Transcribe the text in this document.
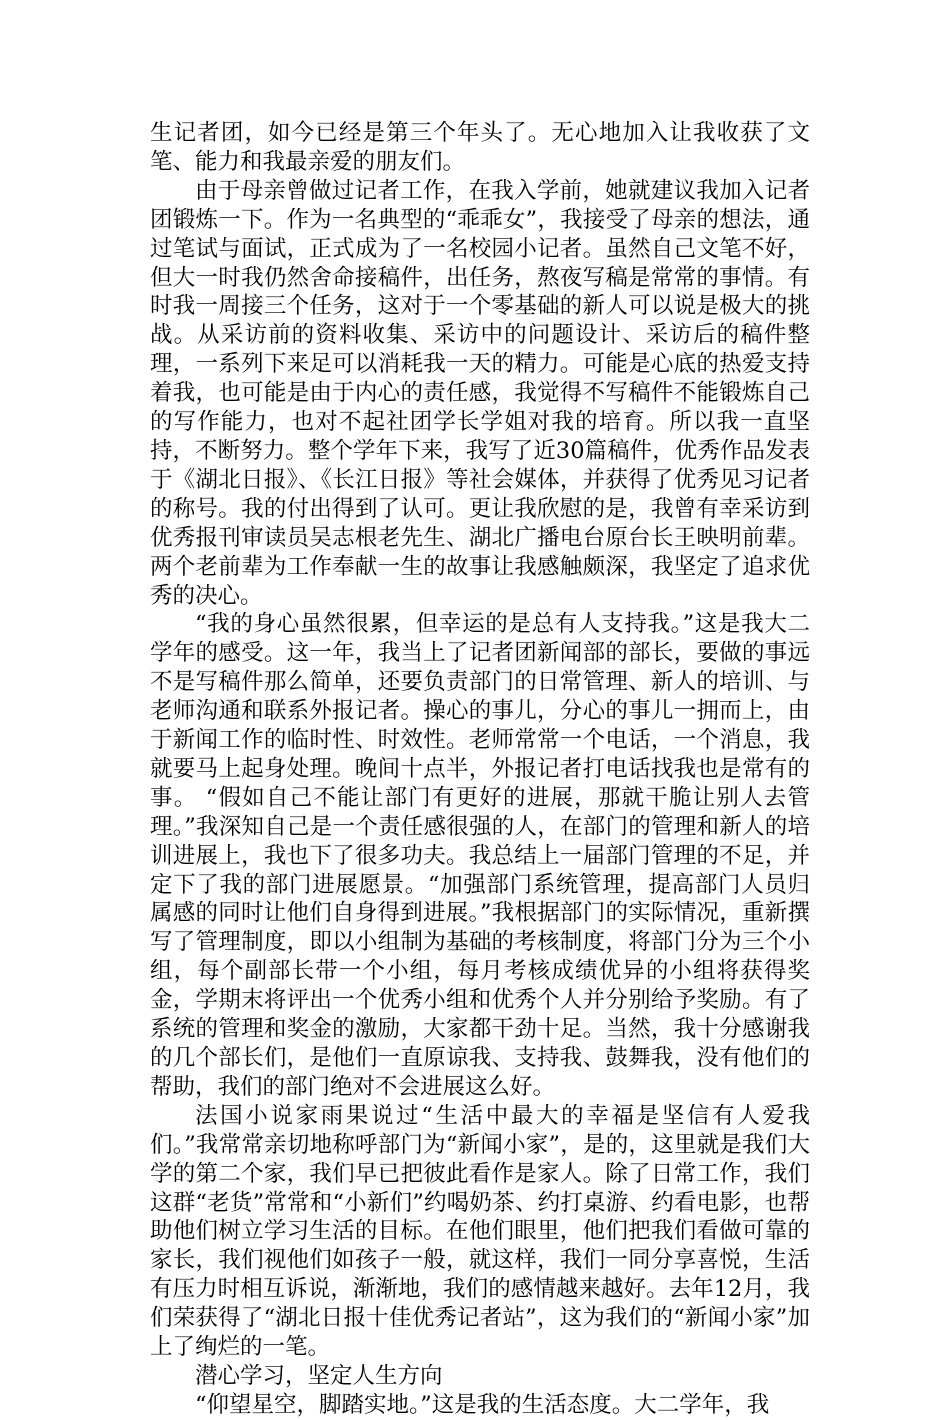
生记者团，如今已经是第三个年头了。无心地加入让我收获了文笔、能力和我最亲爱的朋友们。

由于母亲曾做过记者工作，在我入学前，她就建议我加入记者团锻炼一下。作为一名典型的“乖乖女”，我接受了母亲的想法，通过笔试与面试，正式成为了一名校园小记者。虽然自己文笔不好，但大一时我仍然舍命接稿件，出任务，熬夜写稿是常常的事情。有时我一周接三个任务，这对于一个零基础的新人可以说是极大的挑战。从采访前的资料收集、采访中的问题设计、采访后的稿件整理，一系列下来足可以消耗我一天的精力。可能是心底的热爱支持着我，也可能是由于内心的责任感，我觉得不写稿件不能锻炼自己的写作能力，也对不起社团学长学姐对我的培育。所以我一直坚持，不断努力。整个学年下来，我写了近30篇稿件，优秀作品发表于《湖北日报》、《长江日报》等社会媒体，并获得了优秀见习记者的称号。我的付出得到了认可。更让我欣慰的是，我曾有幸采访到优秀报刊审读员吴志根老先生、湖北广播电台原台长王映明前辈。两个老前辈为工作奉献一生的故事让我感触颇深，我坚定了追求优秀的决心。

“我的身心虽然很累，但幸运的是总有人支持我。”这是我大二学年的感受。这一年，我当上了记者团新闻部的部长，要做的事远不是写稿件那么简单，还要负责部门的日常管理、新人的培训、与老师沟通和联系外报记者。操心的事儿，分心的事儿一拥而上，由于新闻工作的临时性、时效性。老师常常一个电话，一个消息，我就要马上起身处理。晚间十点半，外报记者打电话找我也是常有的事。 “假如自己不能让部门有更好的进展，那就干脆让别人去管理。”我深知自己是一个责任感很强的人，在部门的管理和新人的培训进展上，我也下了很多功夫。我总结上一届部门管理的不足，并定下了我的部门进展愿景。“加强部门系统管理，提高部门人员归属感的同时让他们自身得到进展。”我根据部门的实际情况，重新撰写了管理制度，即以小组制为基础的考核制度，将部门分为三个小组，每个副部长带一个小组，每月考核成绩优异的小组将获得奖金，学期末将评出一个优秀小组和优秀个人并分别给予奖励。有了系统的管理和奖金的激励，大家都干劲十足。当然，我十分感谢我的几个部长们，是他们一直原谅我、支持我、鼓舞我，没有他们的帮助，我们的部门绝对不会进展这么好。

法国小说家雨果说过“生活中最大的幸福是坚信有人爱我们。”我常常亲切地称呼部门为“新闻小家”，是的，这里就是我们大学的第二个家，我们早已把彼此看作是家人。除了日常工作，我们这群“老货”常常和“小新们”约喝奶茶、约打桌游、约看电影，也帮助他们树立学习生活的目标。在他们眼里，他们把我们看做可靠的家长，我们视他们如孩子一般，就这样，我们一同分享喜悦，生活有压力时相互诉说，渐渐地，我们的感情越来越好。去年12月，我们荣获得了“湖北日报十佳优秀记者站”，这为我们的“新闻小家”加上了绚烂的一笔。

潜心学习，坚定人生方向

“仰望星空，脚踏实地。”这是我的生活态度。大二学年，我
